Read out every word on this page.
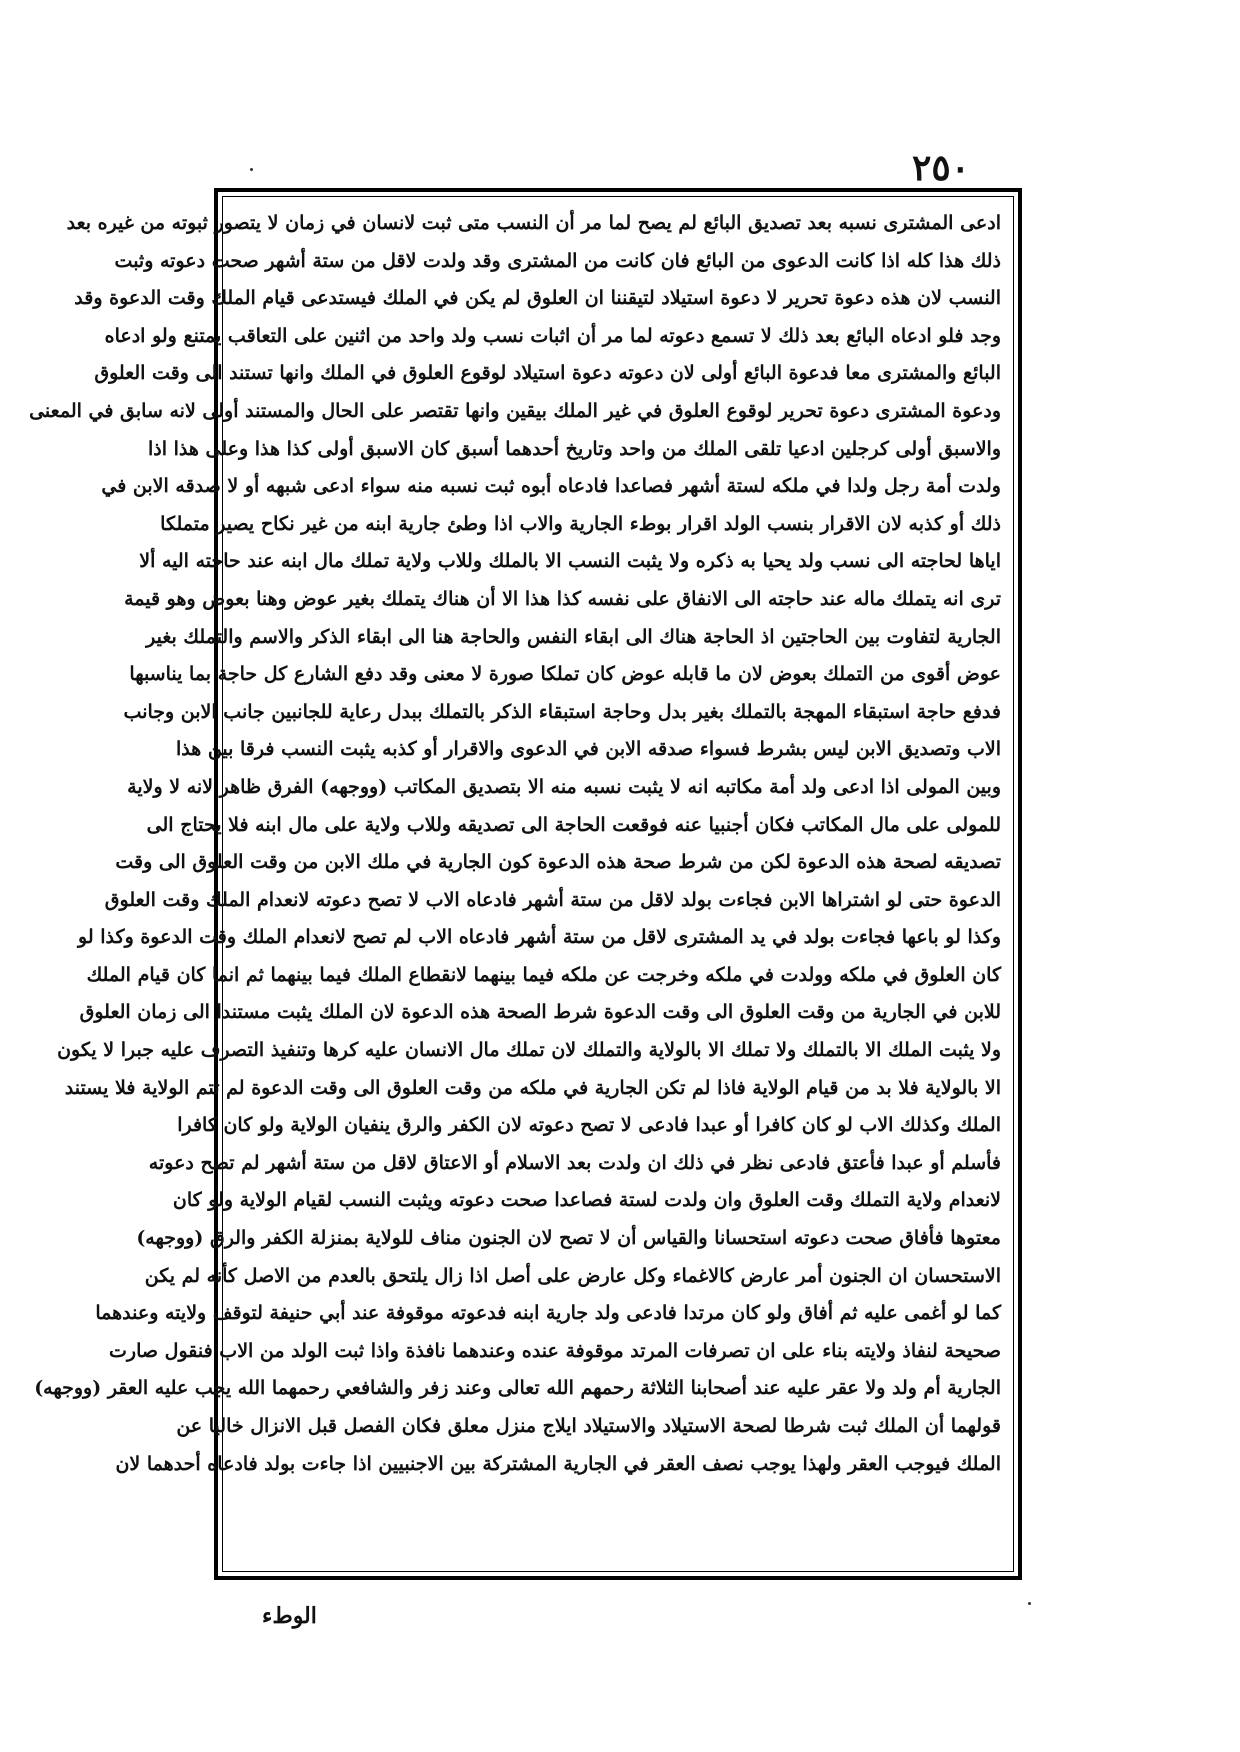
٢٥٠
ادعى المشترى نسبه بعد تصديق البائع لم يصح لما مر أن النسب متى ثبت لانسان في زمان لا يتصور ثبوته من غيره بعد
ذلك هذا كله اذا كانت الدعوى من البائع فان كانت من المشترى وقد ولدت لاقل من ستة أشهر صحت دعوته وثبت
النسب لان هذه دعوة تحرير لا دعوة استيلاد لتيقننا ان العلوق لم يكن في الملك فيستدعى قيام الملك وقت الدعوة وقد
وجد فلو ادعاه البائع بعد ذلك لا تسمع دعوته لما مر أن اثبات نسب ولد واحد من اثنين على التعاقب يمتنع ولو ادعاه
البائع والمشترى معا فدعوة البائع أولى لان دعوته دعوة استيلاد لوقوع العلوق في الملك وانها تستند الى وقت العلوق
ودعوة المشترى دعوة تحرير لوقوع العلوق في غير الملك بيقين وانها تقتصر على الحال والمستند أولى لانه سابق في المعنى
والاسبق أولى كرجلين ادعيا تلقى الملك من واحد وتاريخ أحدهما أسبق كان الاسبق أولى كذا هذا وعلى هذا اذا
ولدت أمة رجل ولدا في ملكه لستة أشهر فصاعدا فادعاه أبوه ثبت نسبه منه سواء ادعى شبهه أو لا صدقه الابن في
ذلك أو كذبه لان الاقرار بنسب الولد اقرار بوطء الجارية والاب اذا وطئ جارية ابنه من غير نكاح يصير متملكا
اياها لحاجته الى نسب ولد يحيا به ذكره ولا يثبت النسب الا بالملك وللاب ولاية تملك مال ابنه عند حاجته اليه ألا
ترى انه يتملك ماله عند حاجته الى الانفاق على نفسه كذا هذا الا أن هناك يتملك بغير عوض وهنا بعوض وهو قيمة
الجارية لتفاوت بين الحاجتين اذ الحاجة هناك الى ابقاء النفس والحاجة هنا الى ابقاء الذكر والاسم والتملك بغير
عوض أقوى من التملك بعوض لان ما قابله عوض كان تملكا صورة لا معنى وقد دفع الشارع كل حاجة بما يناسبها
فدفع حاجة استبقاء المهجة بالتملك بغير بدل وحاجة استبقاء الذكر بالتملك ببدل رعاية للجانبين جانب الابن وجانب
الاب وتصديق الابن ليس بشرط فسواء صدقه الابن في الدعوى والاقرار أو كذبه يثبت النسب فرقا بين هذا
وبين المولى اذا ادعى ولد أمة مكاتبه انه لا يثبت نسبه منه الا بتصديق المكاتب (ووجهه) الفرق ظاهر لانه لا ولاية
للمولى على مال المكاتب فكان أجنبيا عنه فوقعت الحاجة الى تصديقه وللاب ولاية على مال ابنه فلا يحتاج الى
تصديقه لصحة هذه الدعوة لكن من شرط صحة هذه الدعوة كون الجارية في ملك الابن من وقت العلوق الى وقت
الدعوة حتى لو اشتراها الابن فجاءت بولد لاقل من ستة أشهر فادعاه الاب لا تصح دعوته لانعدام الملك وقت العلوق
وكذا لو باعها فجاءت بولد في يد المشترى لاقل من ستة أشهر فادعاه الاب لم تصح لانعدام الملك وقت الدعوة وكذا لو
كان العلوق في ملكه وولدت في ملكه وخرجت عن ملكه فيما بينهما لانقطاع الملك فيما بينهما ثم انما كان قيام الملك
للابن في الجارية من وقت العلوق الى وقت الدعوة شرط الصحة هذه الدعوة لان الملك يثبت مستندا الى زمان العلوق
ولا يثبت الملك الا بالتملك ولا تملك الا بالولاية والتملك لان تملك مال الانسان عليه كرها وتنفيذ التصرف عليه جبرا لا يكون
الا بالولاية فلا بد من قيام الولاية فاذا لم تكن الجارية في ملكه من وقت العلوق الى وقت الدعوة لم تتم الولاية فلا يستند
الملك وكذلك الاب لو كان كافرا أو عبدا فادعى لا تصح دعوته لان الكفر والرق ينفيان الولاية ولو كان كافرا
فأسلم أو عبدا فأعتق فادعى نظر في ذلك ان ولدت بعد الاسلام أو الاعتاق لاقل من ستة أشهر لم تصح دعوته
لانعدام ولاية التملك وقت العلوق وان ولدت لستة فصاعدا صحت دعوته ويثبت النسب لقيام الولاية ولو كان
معتوها فأفاق صحت دعوته استحسانا والقياس أن لا تصح لان الجنون مناف للولاية بمنزلة الكفر والرق (ووجهه)
الاستحسان ان الجنون أمر عارض كالاغماء وكل عارض على أصل اذا زال يلتحق بالعدم من الاصل كأنه لم يكن
كما لو أغمى عليه ثم أفاق ولو كان مرتدا فادعى ولد جارية ابنه فدعوته موقوفة عند أبي حنيفة لتوقف ولايته وعندهما
صحيحة لنفاذ ولايته بناء على ان تصرفات المرتد موقوفة عنده وعندهما نافذة واذا ثبت الولد من الاب فنقول صارت
الجارية أم ولد ولا عقر عليه عند أصحابنا الثلاثة رحمهم الله تعالى وعند زفر والشافعي رحمهما الله يجب عليه العقر (ووجهه)
قولهما أن الملك ثبت شرطا لصحة الاستيلاد والاستيلاد ايلاج منزل معلق فكان الفصل قبل الانزال خاليا عن
الملك فيوجب العقر ولهذا يوجب نصف العقر في الجارية المشتركة بين الاجنبيين اذا جاءت بولد فادعاه أحدهما لان
الوطء
